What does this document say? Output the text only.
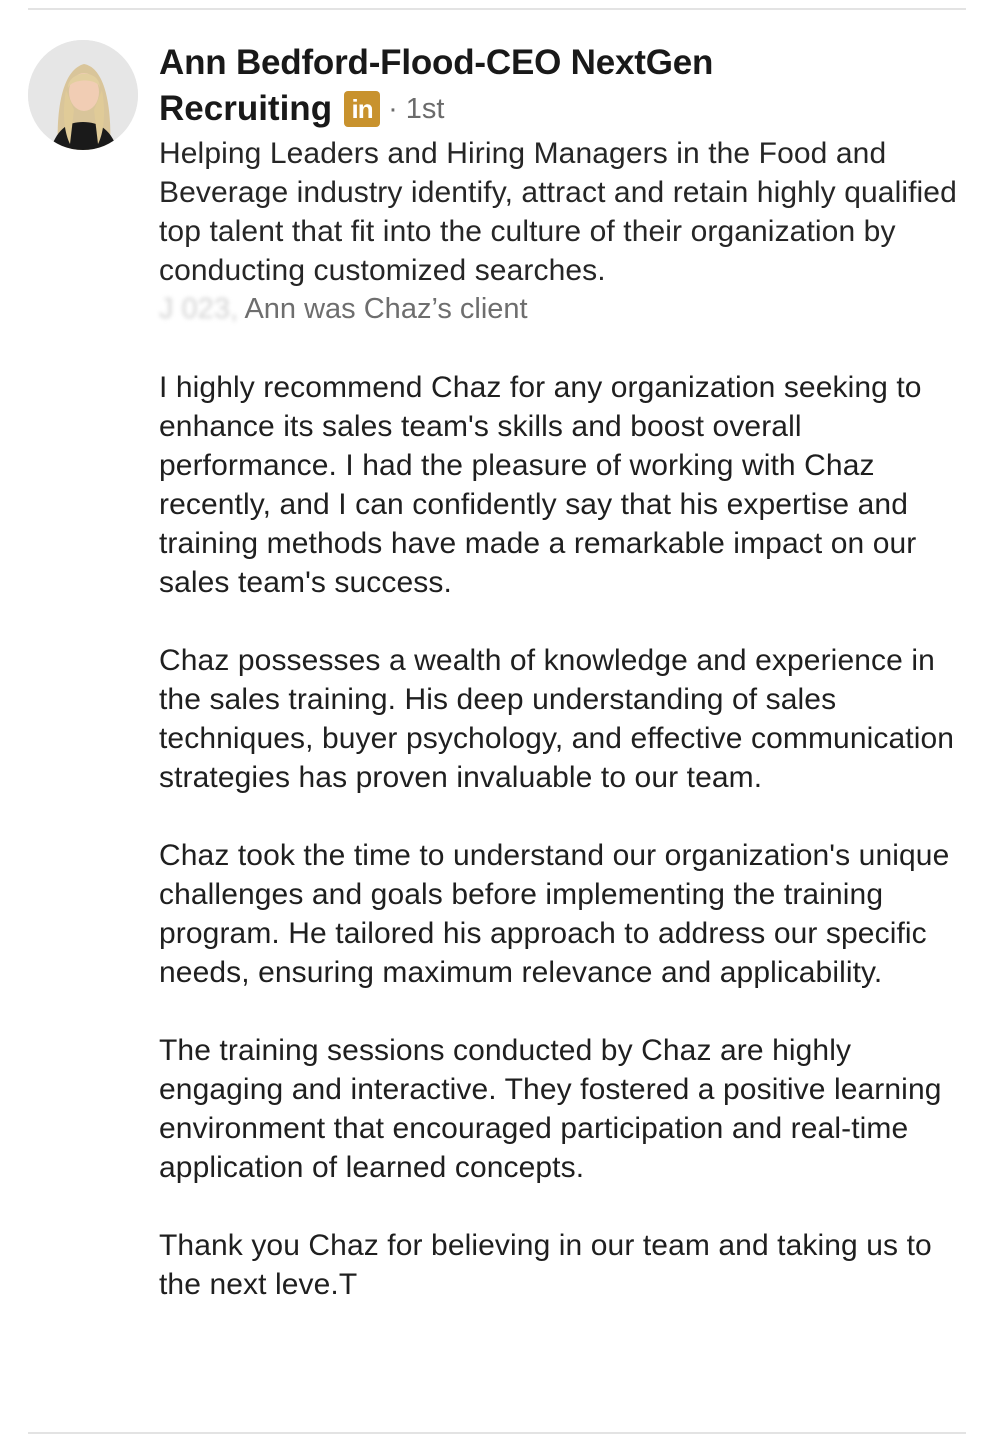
Ann Bedford-Flood-CEO NextGen
Recruiting in · 1st
Helping Leaders and Hiring Managers in the Food and Beverage industry identify, attract and retain highly qualified top talent that fit into the culture of their organization by conducting customized searches.
J 023, Ann was Chaz’s client

I highly recommend Chaz for any organization seeking to enhance its sales team's skills and boost overall performance. I had the pleasure of working with Chaz recently, and I can confidently say that his expertise and training methods have made a remarkable impact on our sales team's success.

Chaz possesses a wealth of knowledge and experience in the sales training. His deep understanding of sales techniques, buyer psychology, and effective communication strategies has proven invaluable to our team.

Chaz took the time to understand our organization's unique challenges and goals before implementing the training program. He tailored his approach to address our specific needs, ensuring maximum relevance and applicability.

The training sessions conducted by Chaz are highly engaging and interactive. They fostered a positive learning environment that encouraged participation and real-time application of learned concepts.

Thank you Chaz for believing in our team and taking us to the next leve.T
